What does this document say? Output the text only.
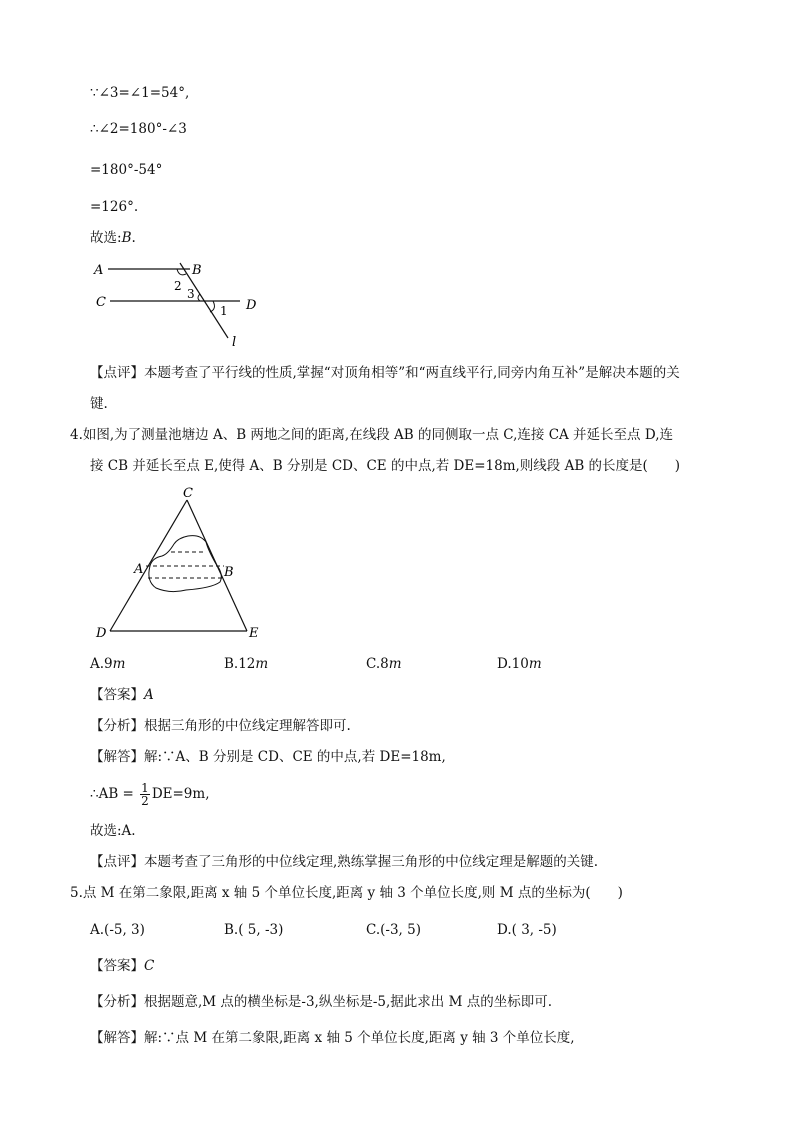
∵∠3=∠1=54°,
∴∠2=180°-∠3
=180°-54°
=126°.
故选:B.
A	B
C	D
l
2
3
1
【点评】本题考查了平行线的性质,掌握“对顶角相等”和“两直线平行,同旁内角互补”是解决本题的关
键.
4.如图,为了测量池塘边 A、B 两地之间的距离,在线段 AB 的同侧取一点 C,连接 CA 并延长至点 D,连
接 CB 并延长至点 E,使得 A、B 分别是 CD、CE 的中点,若 DE=18m,则线段 AB 的长度是(　　)
C
A	B
D	E
A.9m	B.12m	C.8m	D.10m
【答案】A
【分析】根据三角形的中位线定理解答即可.
【解答】解:∵A、B 分别是 CD、CE 的中点,若 DE=18m,
∴AB = $\frac{1}{2} DE=9m$,
故选:A.
【点评】本题考查了三角形的中位线定理,熟练掌握三角形的中位线定理是解题的关键.
5.点 M 在第二象限,距离 x 轴 5 个单位长度,距离 y 轴 3 个单位长度,则 M 点的坐标为(　　)
A.(-5, 3)	B.( 5, -3)	C.(-3, 5)	D.( 3, -5)
【答案】C
【分析】根据题意,M 点的横坐标是-3,纵坐标是-5,据此求出 M 点的坐标即可.
【解答】解:∵点 M 在第二象限,距离 x 轴 5 个单位长度,距离 y 轴 3 个单位长度,
